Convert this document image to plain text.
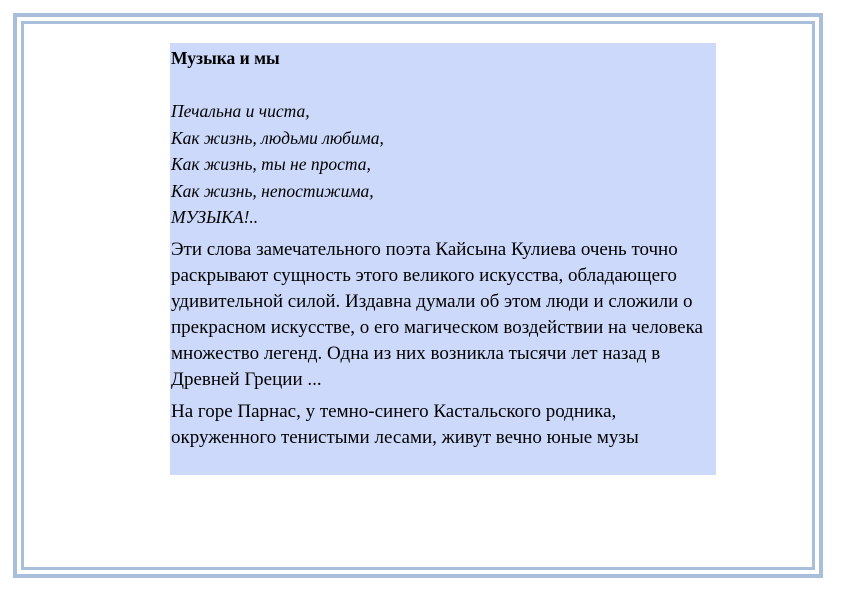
Музыка и мы
Печальна и чиста,
Как жизнь, людьми любима,
Как жизнь, ты не проста,
Как жизнь, непостижима,
МУЗЫКА!..

Эти слова замечательного поэта Кайсына Кулиева очень точно раскрывают сущность этого великого искусства, обладающего удивительной силой. Издавна думали об этом люди и сложили о прекрасном искусстве, о его магическом воздействии на человека множество легенд. Одна из них возникла тысячи лет назад в Древней Греции ...

На горе Парнас, у темно-синего Кастальского родника, окруженного тенистыми лесами, живут вечно юные музы
